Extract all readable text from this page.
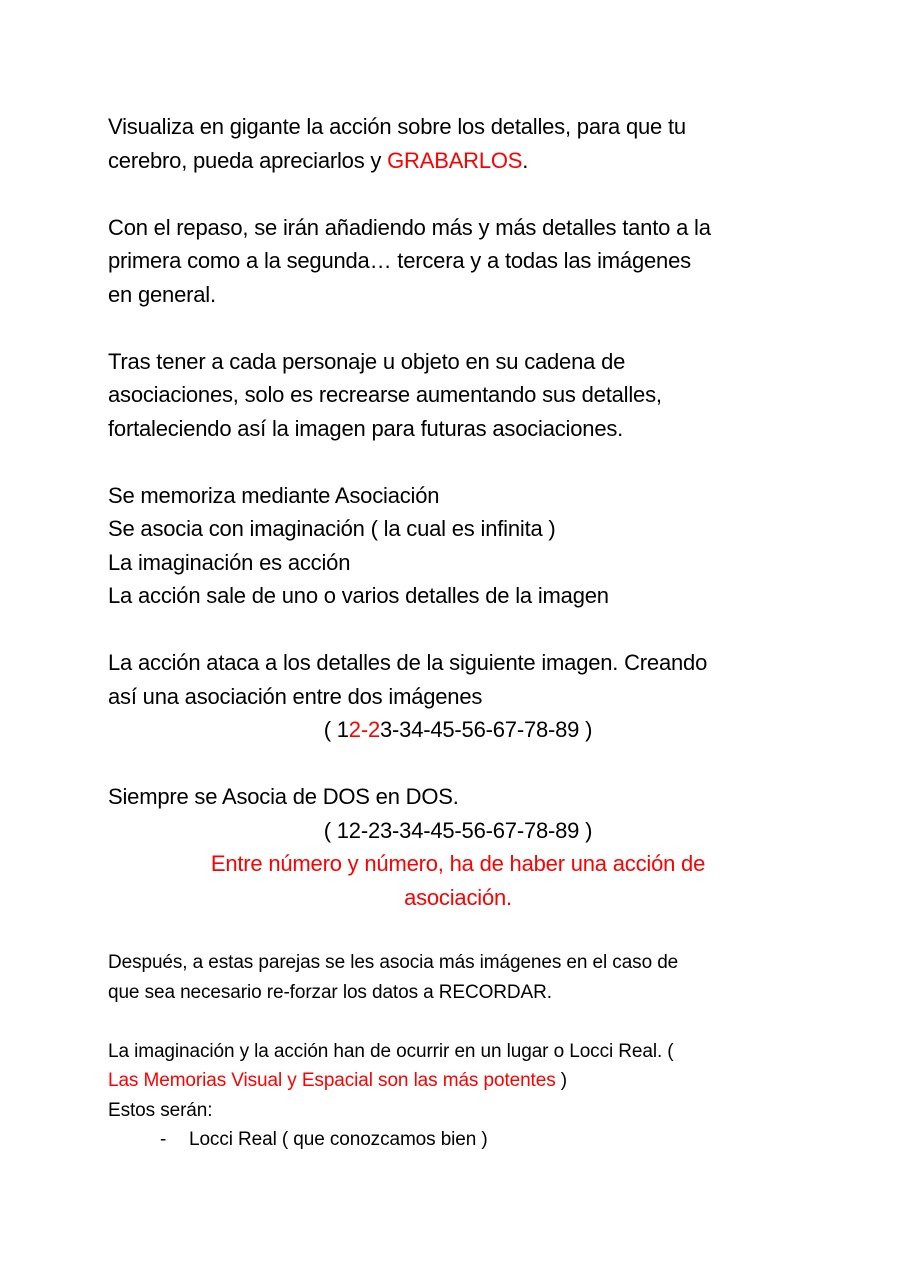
Visualiza en gigante la acción sobre los detalles, para que tu
cerebro, pueda apreciarlos y GRABARLOS.

Con el repaso, se irán añadiendo más y más detalles tanto a la
primera como a la segunda… tercera y a todas las imágenes
en general.

Tras tener a cada personaje u objeto en su cadena de
asociaciones, solo es recrearse aumentando sus detalles,
fortaleciendo así la imagen para futuras asociaciones.

Se memoriza mediante Asociación
Se asocia con imaginación ( la cual es infinita )
La imaginación es acción
La acción sale de uno o varios detalles de la imagen

La acción ataca a los detalles de la siguiente imagen. Creando
así una asociación entre dos imágenes

( 12-23-34-45-56-67-78-89 )

Siempre se Asocia de DOS en DOS.

( 12-23-34-45-56-67-78-89 )

Entre número y número, ha de haber una acción de
asociación.

Después, a estas parejas se les asocia más imágenes en el caso de
que sea necesario re-forzar los datos a RECORDAR.

La imaginación y la acción han de ocurrir en un lugar o Locci Real. (
Las Memorias Visual y Espacial son las más potentes )
Estos serán:

- Locci Real ( que conozcamos bien )
